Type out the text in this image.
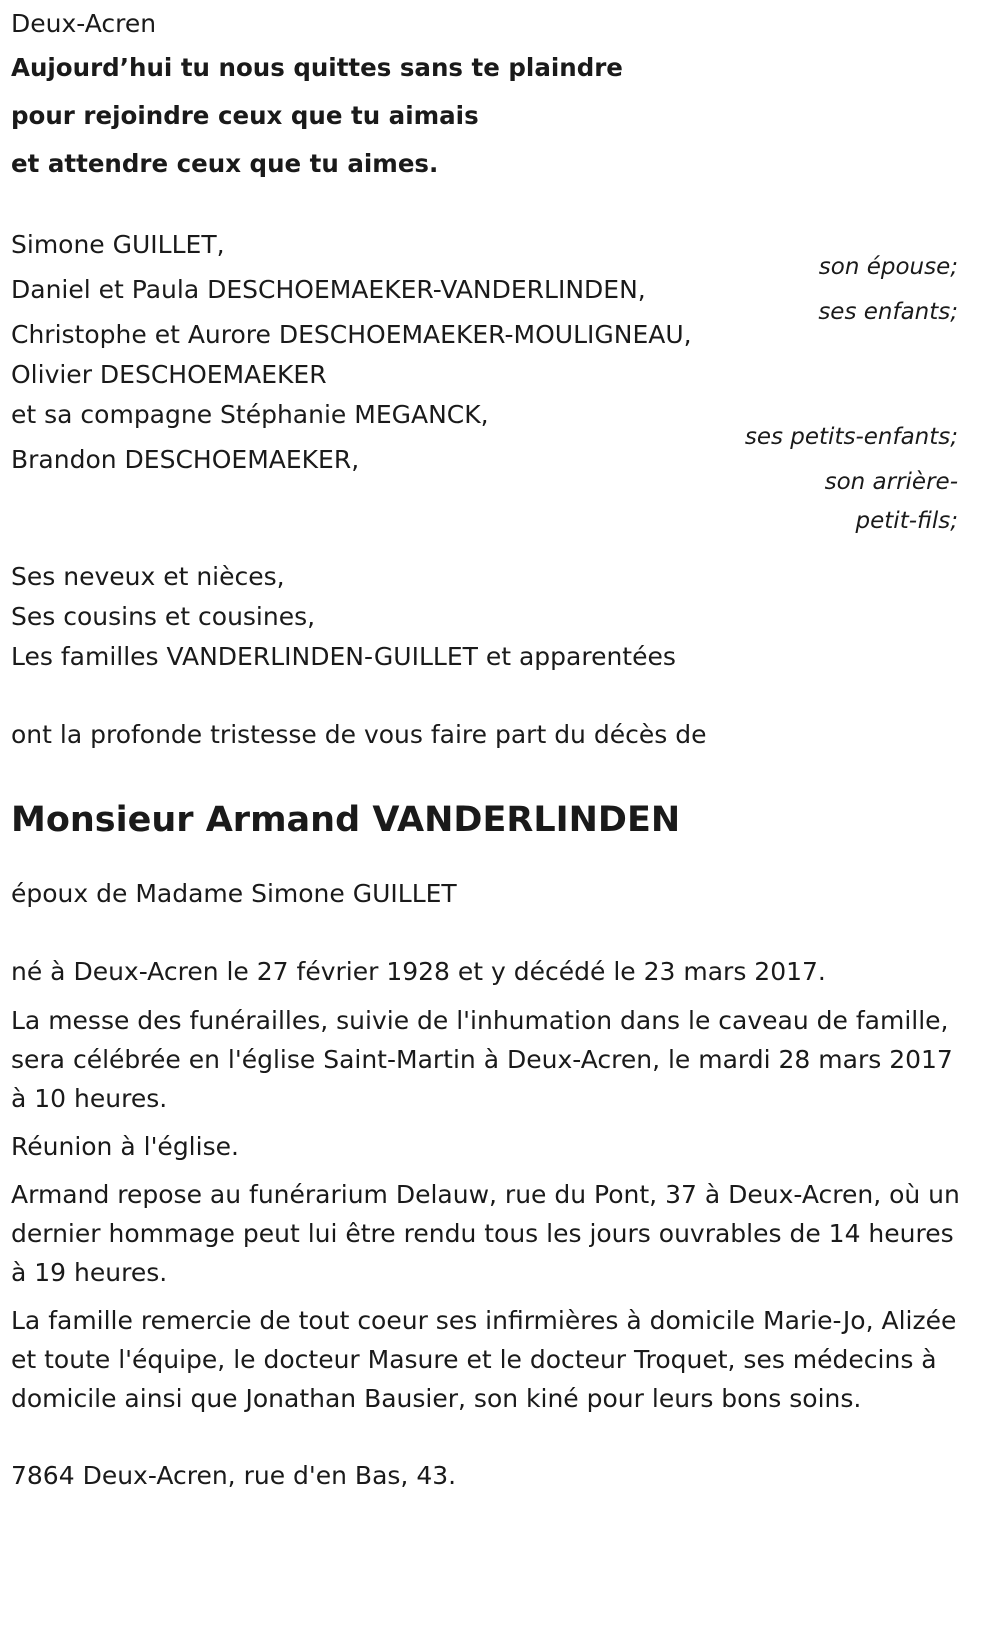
Deux-Acren

Aujourd’hui tu nous quittes sans te plaindre

pour rejoindre ceux que tu aimais

et attendre ceux que tu aimes.

Simone GUILLET,

son épouse;

Daniel et Paula DESCHOEMAEKER-VANDERLINDEN,

ses enfants;

Christophe et Aurore DESCHOEMAEKER-MOULIGNEAU,

Olivier DESCHOEMAEKER

et sa compagne Stéphanie MEGANCK,

ses petits-enfants;

Brandon DESCHOEMAEKER,

son arrière-

petit-fils;

Ses neveux et nièces,

Ses cousins et cousines,

Les familles VANDERLINDEN-GUILLET et apparentées

ont la profonde tristesse de vous faire part du décès de

Monsieur Armand VANDERLINDEN

époux de Madame Simone GUILLET

né à Deux-Acren le 27 février 1928 et y décédé le 23 mars 2017.

La messe des funérailles, suivie de l'inhumation dans le caveau de famille, sera célébrée en l'église Saint-Martin à Deux-Acren, le mardi 28 mars 2017 à 10 heures.

Réunion à l'église.

Armand repose au funérarium Delauw, rue du Pont, 37 à Deux-Acren, où un dernier hommage peut lui être rendu tous les jours ouvrables de 14 heures à 19 heures.

La famille remercie de tout coeur ses infirmières à domicile Marie-Jo, Alizée et toute l'équipe, le docteur Masure et le docteur Troquet, ses médecins à domicile ainsi que Jonathan Bausier, son kiné pour leurs bons soins.

7864 Deux-Acren, rue d'en Bas, 43.
